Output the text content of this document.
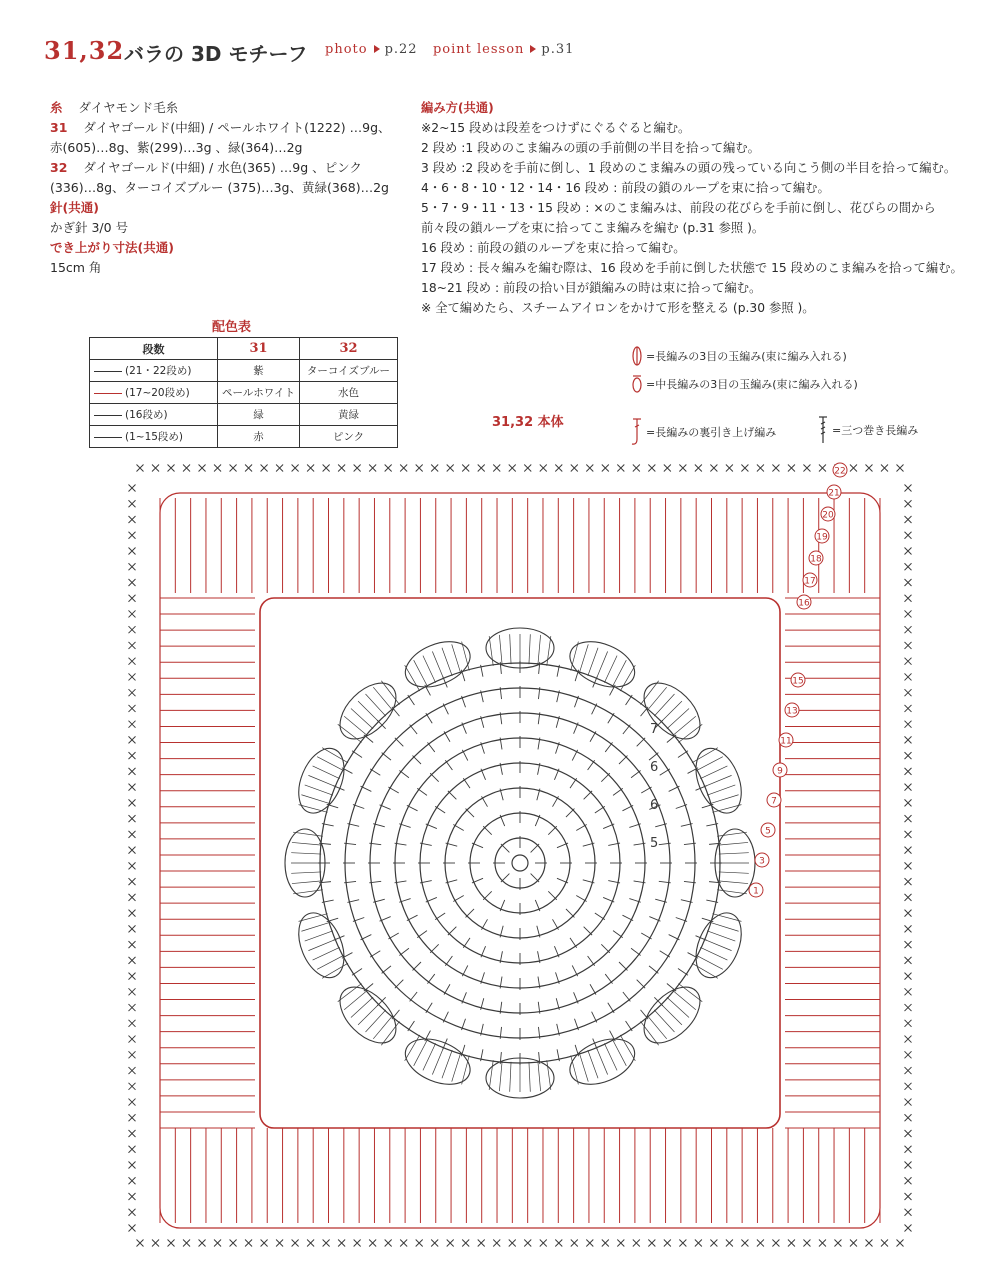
31,32 バラの 3D モチーフ photo p.22 point lesson p.31
糸 ダイヤモンド毛糸
31 ダイヤゴールド(中細) / ペールホワイト(1222) …9g、赤(605)…8g、紫(299)…3g 、緑(364)…2g
32 ダイヤゴールド(中細) / 水色(365) …9g 、ピンク(336)…8g、ターコイズブルー (375)…3g、黄緑(368)…2g
針(共通)
かぎ針 3/0 号
でき上がり寸法(共通)
15cm 角
編み方(共通)
※2~15 段めは段差をつけずにぐるぐると編む。
2 段め :1 段めのこま編みの頭の手前側の半目を拾って編む。
3 段め :2 段めを手前に倒し、1 段めのこま編みの頭の残っている向こう側の半目を拾って編む。
4・6・8・10・12・14・16 段め : 前段の鎖のループを束に拾って編む。
5・7・9・11・13・15 段め : ×のこま編みは、前段の花びらを手前に倒し、花びらの間から
前々段の鎖ループを束に拾ってこま編みを編む (p.31 参照 )。
16 段め : 前段の鎖のループを束に拾って編む。
17 段め : 長々編みを編む際は、16 段めを手前に倒した状態で 15 段めのこま編みを拾って編む。
18~21 段め : 前段の拾い目が鎖編みの時は束に拾って編む。
※ 全て編めたら、スチームアイロンをかけて形を整える (p.30 参照 )。
配色表
段数	31	32
(21・22段め)	紫	ターコイズブルー
(17~20段め)	ペールホワイト	水色
(16段め)	緑	黄緑
(1~15段め)	赤	ピンク
=長編みの3目の玉編み(束に編み入れる)
=中長編みの3目の玉編み(束に編み入れる)
=長編みの裏引き上げ編み	=三つ巻き長編み
31,32 本体
22
21
20
19
18
17
16
15
13
11
9
7
5
3
1
7
6
6
5
